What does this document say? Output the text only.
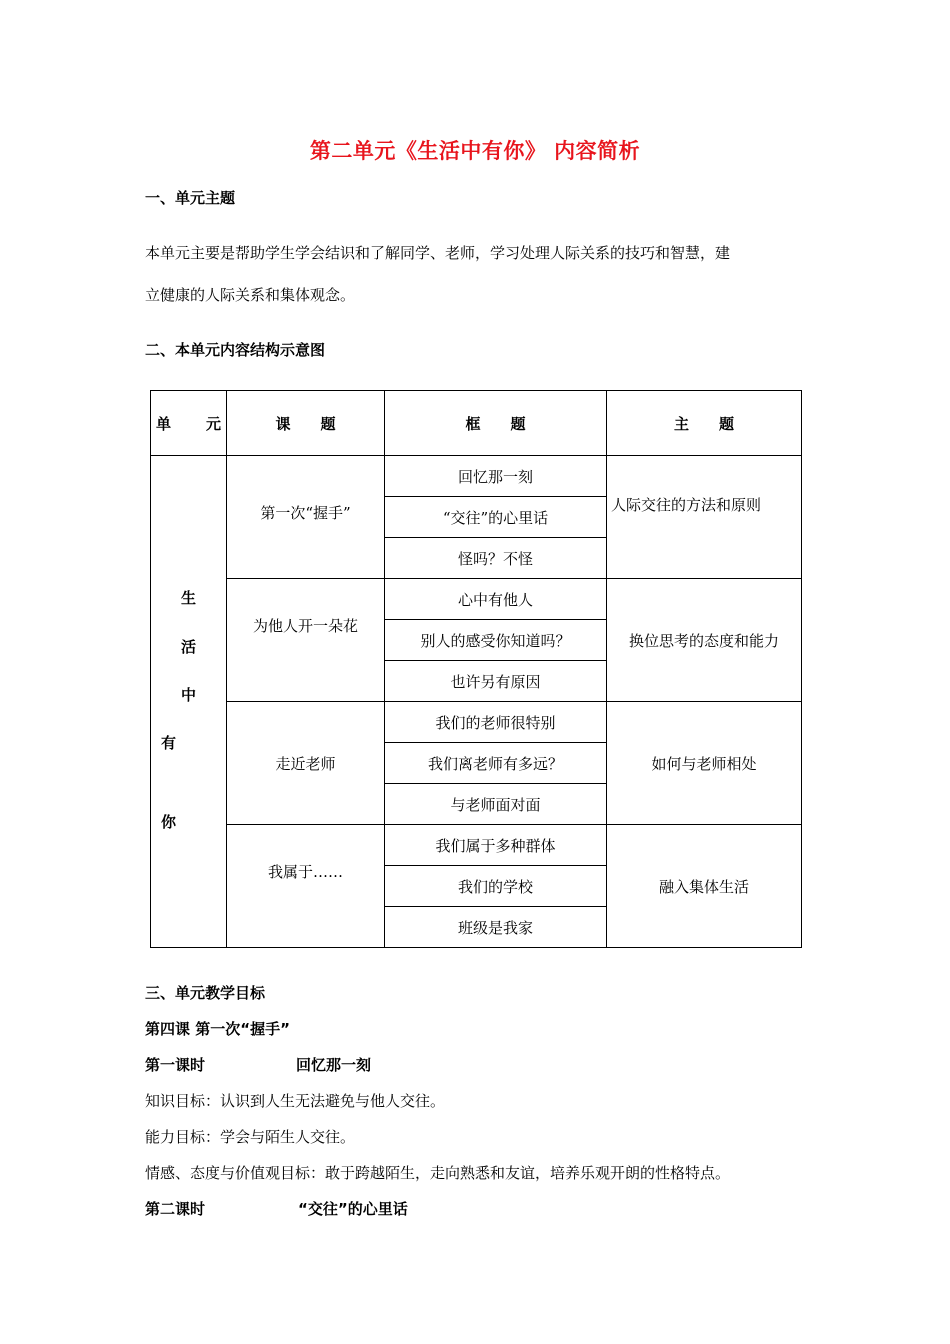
第二单元《生活中有你》 内容简析
一、单元主题
本单元主要是帮助学生学会结识和了解同学、老师，学习处理人际关系的技巧和智慧，建
立健康的人际关系和集体观念。
二、本单元内容结构示意图
单 元	课　　题	框　　题	主　　题

生
活
中
有
你	第一次“握手”	回忆那一刻	人际交往的方法和原则
		“交往”的心里话	
		怪吗？不怪	
	为他人开一朵花	心中有他人	换位思考的态度和能力
		别人的感受你知道吗？	
		也许另有原因	
	走近老师	我们的老师很特别	如何与老师相处
		我们离老师有多远？	
		与老师面对面	
	我属于……	我们属于多种群体	融入集体生活
		我们的学校	
		班级是我家	
三、单元教学目标
第四课 第一次“握手”
第一课时	回忆那一刻
知识目标：认识到人生无法避免与他人交往。
能力目标：学会与陌生人交往。
情感、态度与价值观目标：敢于跨越陌生，走向熟悉和友谊，培养乐观开朗的性格特点。
第二课时	“交往”的心里话
